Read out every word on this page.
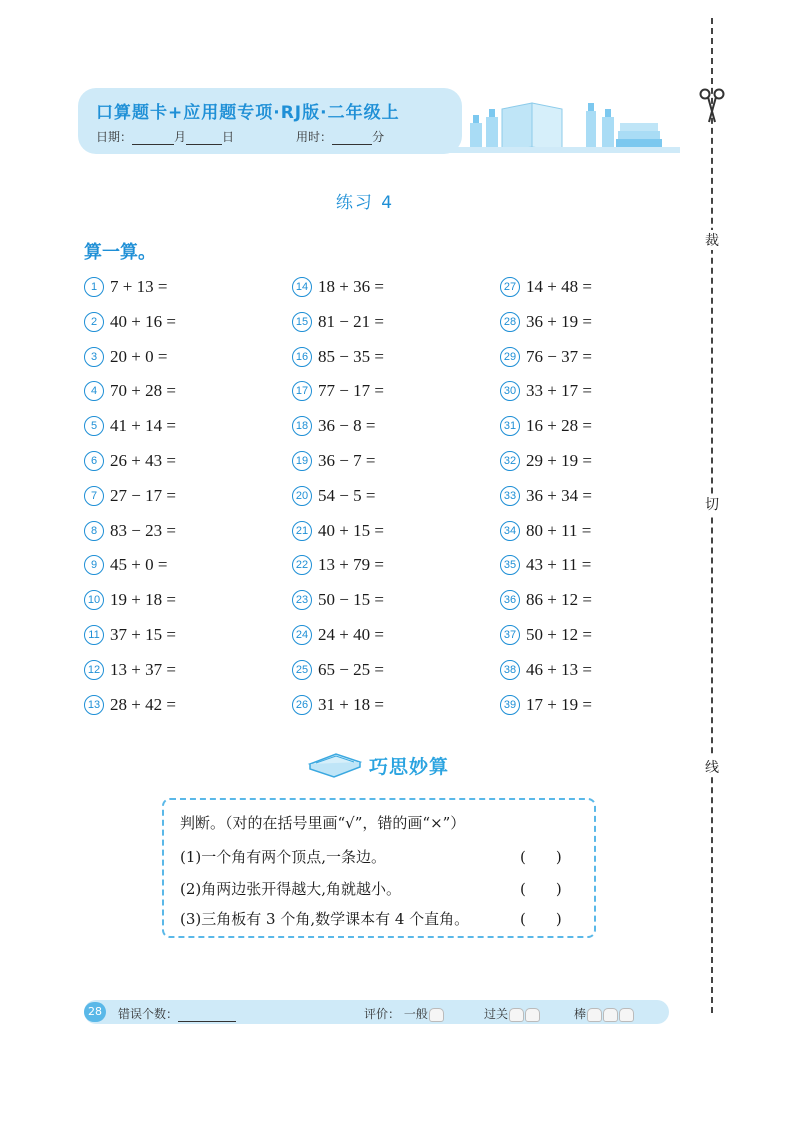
口算题卡+应用题专项·RJ版·二年级上
日期：	月	日	用时：	分
裁
切
线
练习 4
算一算。
1 7 + 13 =
2 40 + 16 =
3 20 + 0 =
4 70 + 28 =
5 41 + 14 =
6 26 + 43 =
7 27 − 17 =
8 83 − 23 =
9 45 + 0 =
10 19 + 18 =
11 37 + 15 =
12 13 + 37 =
13 28 + 42 =
14 18 + 36 =
15 81 − 21 =
16 85 − 35 =
17 77 − 17 =
18 36 − 8 =
19 36 − 7 =
20 54 − 5 =
21 40 + 15 =
22 13 + 79 =
23 50 − 15 =
24 24 + 40 =
25 65 − 25 =
26 31 + 18 =
27 14 + 48 =
28 36 + 19 =
29 76 − 37 =
30 33 + 17 =
31 16 + 28 =
32 29 + 19 =
33 36 + 34 =
34 80 + 11 =
35 43 + 11 =
36 86 + 12 =
37 50 + 12 =
38 46 + 13 =
39 17 + 19 =
巧思妙算
判断。（对的在括号里画“√”，错的画“×”）
(1)一个角有两个顶点,一条边。	(　　)
(2)角两边张开得越大,角就越小。	(　　)
(3)三角板有 3 个角,数学课本有 4 个直角。	(　　)
28	错误个数：	评价： 一般	过关	棒
